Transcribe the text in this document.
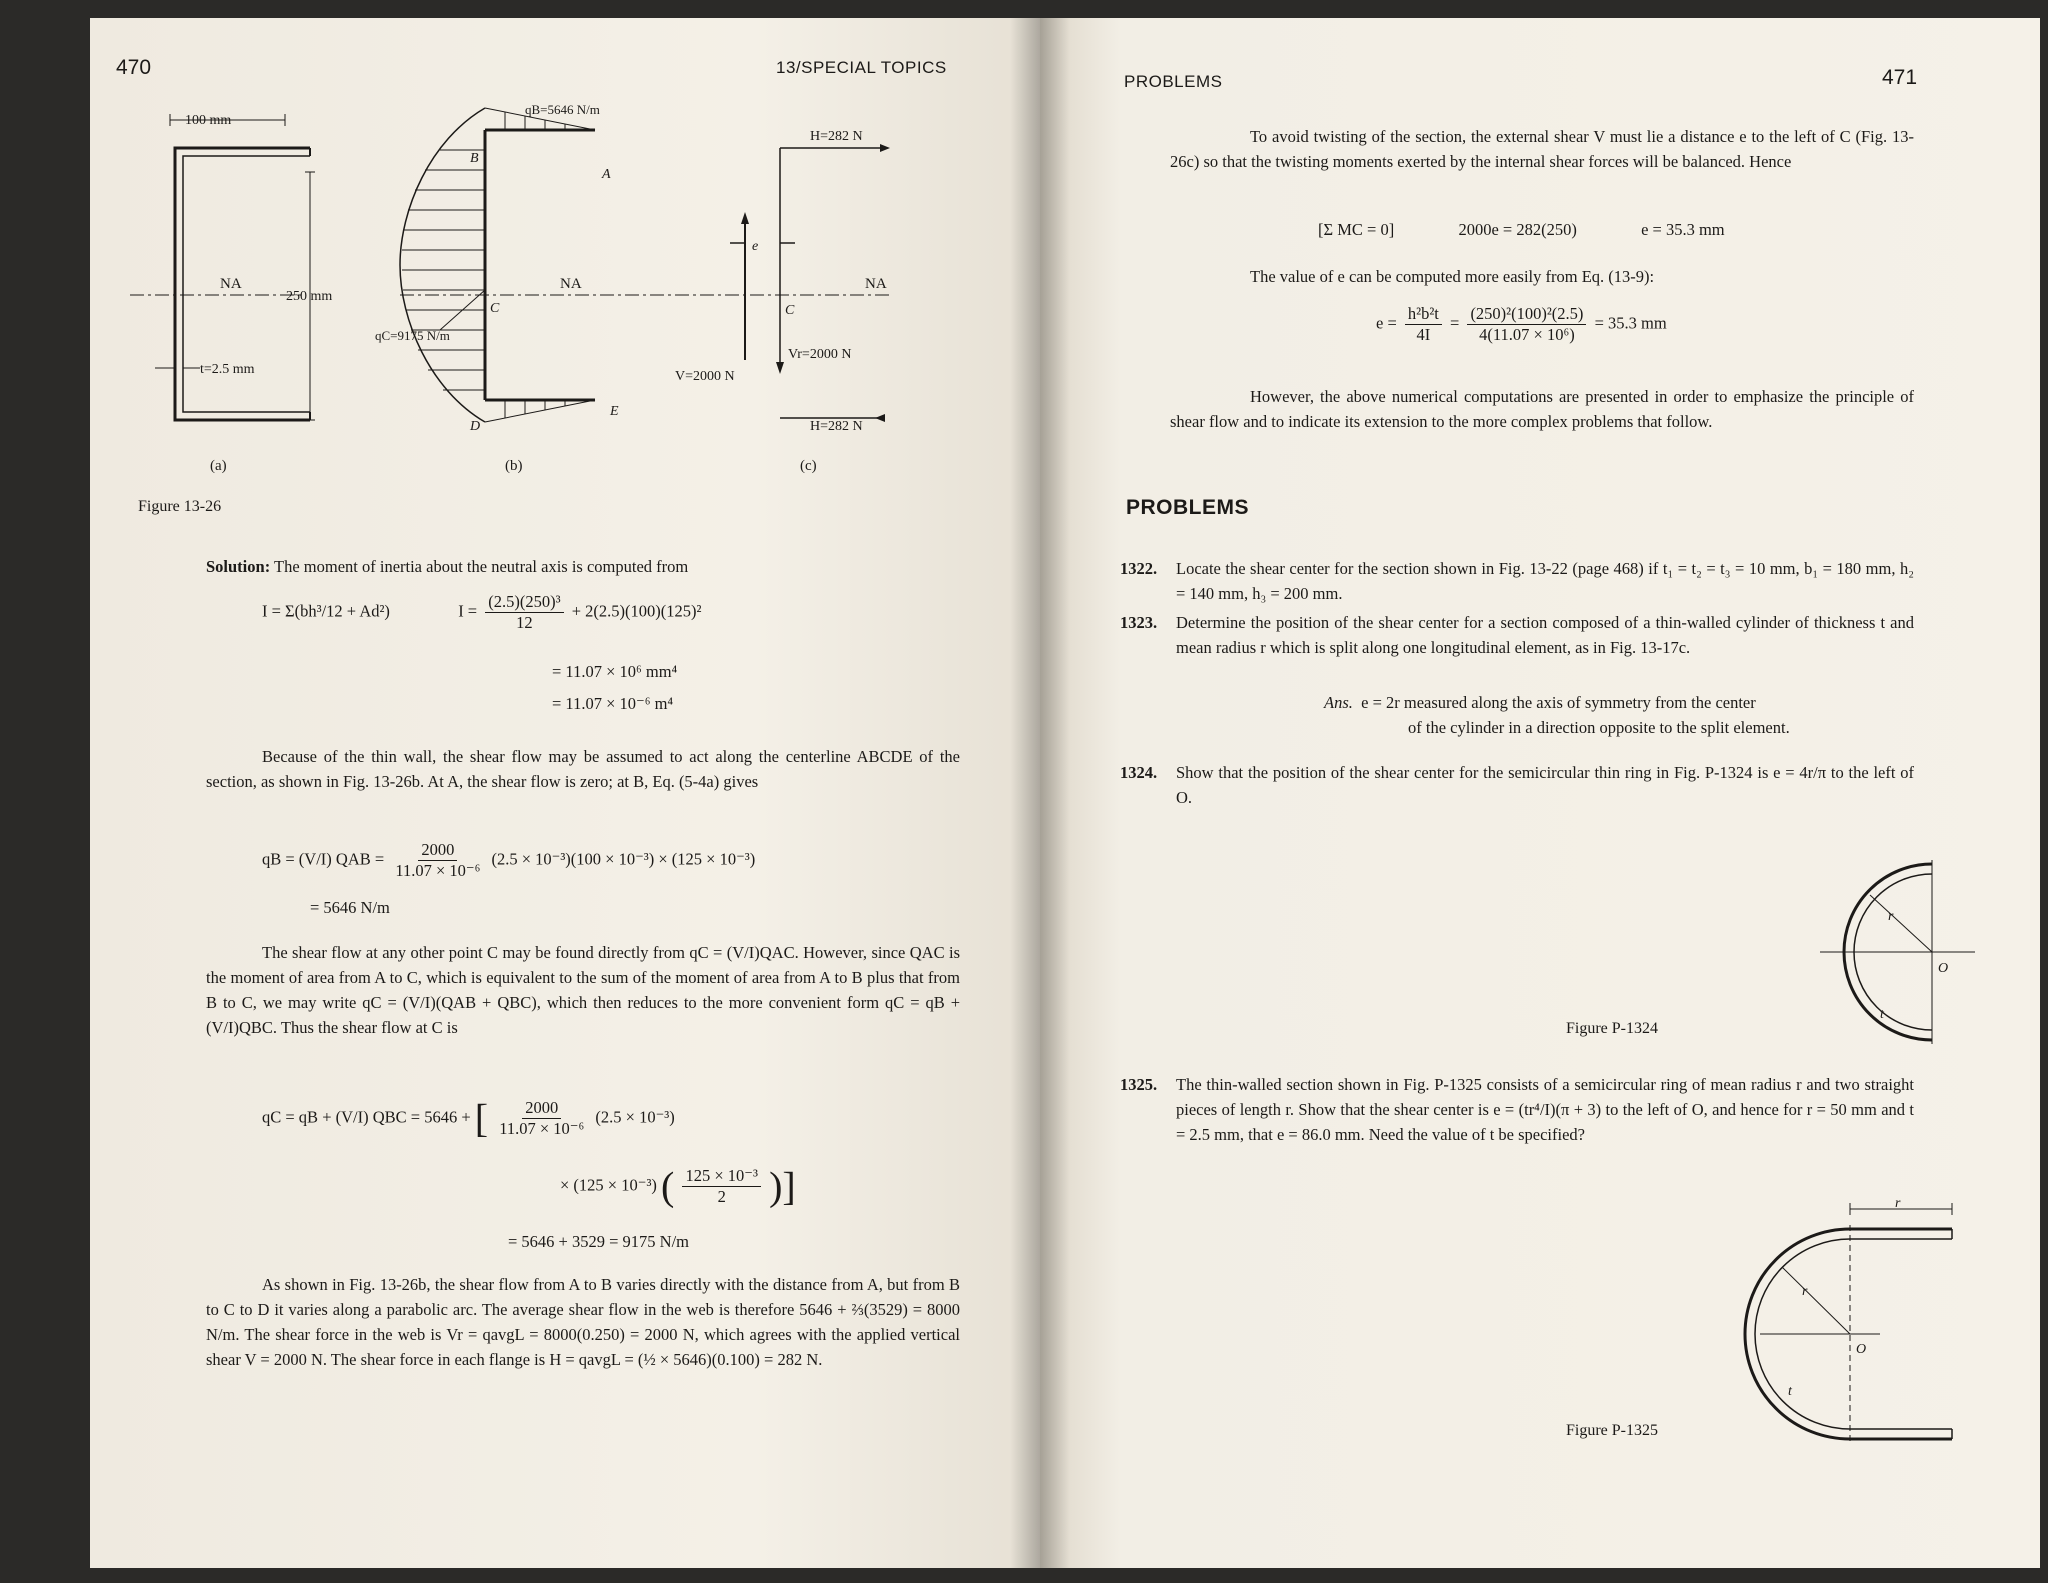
470	13/SPECIAL TOPICS
100 mm
NA
250 mm
t=2.5 mm
(a)
qB=5646 N/m
B
A
NA
C
qC=9175 N/m
D
E
(b)
H=282 N
e
NA
C
Vr=2000 N
V=2000 N
H=282 N
(c)
Figure 13-26
Solution: The moment of inertia about the neutral axis is computed from
I = Σ(bh³/12 + Ad²)	$I = \frac{\text{(2.5)(250)³}}{12} + 2(2.5)(100)(125)^2$
= 11.07 × 10⁶ mm⁴
= 11.07 × 10⁻⁶ m⁴

Because of the thin wall, the shear flow may be assumed to act along the centerline ABCDE of the section, as shown in Fig. 13-26b. At A, the shear flow is zero; at B, Eq. (5-4a) gives

qB = (V/I) QAB = $\frac{2000}{\text{11.07 × 10⁻⁶}} (2.5 \times 10^{-3})(100 \times 10^{-3}) \times (125 \times 10^{-3})$
= 5646 N/m

The shear flow at any other point C may be found directly from qC = (V/I)QAC. However, since QAC is the moment of area from A to C, which is equivalent to the sum of the moment of area from A to B plus that from B to C, we may write qC = (V/I)(QAB + QBC), which then reduces to the more convenient form qC = qB + (V/I)QBC. Thus the shear flow at C is

qC = qB + (V/I) QBC = 5646 + [ $\frac{2000}{\text{11.07 × 10⁻⁶}} (2.5 \times 10^{-3})$
× (125 × 10⁻³) ( $\frac{\text{125 × 10⁻³}}{2}$ )]
= 5646 + 3529 = 9175 N/m

As shown in Fig. 13-26b, the shear flow from A to B varies directly with the distance from A, but from B to C to D it varies along a parabolic arc. The average shear flow in the web is therefore 5646 + ⅔(3529) = 8000 N/m. The shear force in the web is Vr = qavgL = 8000(0.250) = 2000 N, which agrees with the applied vertical shear V = 2000 N. The shear force in each flange is H = qavgL = (½ × 5646)(0.100) = 282 N.

PROBLEMS	471

To avoid twisting of the section, the external shear V must lie a distance e to the left of C (Fig. 13-26c) so that the twisting moments exerted by the internal shear forces will be balanced. Hence

[Σ MC = 0]	2000e = 282(250)	e = 35.3 mm

The value of e can be computed more easily from Eq. (13-9):

$e = \frac{\text{h²b²t}}{4I} = \frac{\text{(250)²(100)²(2.5)}}{\text{4(11.07 × 10⁶)}} = 35.3$ mm

However, the above numerical computations are presented in order to emphasize the principle of shear flow and to indicate its extension to the more complex problems that follow.

PROBLEMS
1322.	Locate the shear center for the section shown in Fig. 13-22 (page 468) if t₁ = t₂ = t₃ = 10 mm, b₁ = 180 mm, h₂ = 140 mm, h₃ = 200 mm.
1323.	Determine the position of the shear center for a section composed of a thin-walled cylinder of thickness t and mean radius r which is split along one longitudinal element, as in Fig. 13-17c.
Ans. e = 2r measured along the axis of symmetry from the center
of the cylinder in a direction opposite to the split element.
1324.	Show that the position of the shear center for the semicircular thin ring in Fig. P-1324 is e = 4r/π to the left of O.
r
t
O
Figure P-1324
1325.	The thin-walled section shown in Fig. P-1325 consists of a semicircular ring of mean radius r and two straight pieces of length r. Show that the shear center is e = (tr⁴/I)(π + 3) to the left of O, and hence for r = 50 mm and t = 2.5 mm, that e = 86.0 mm. Need the value of t be specified?
r
r
t
O
Figure P-1325
